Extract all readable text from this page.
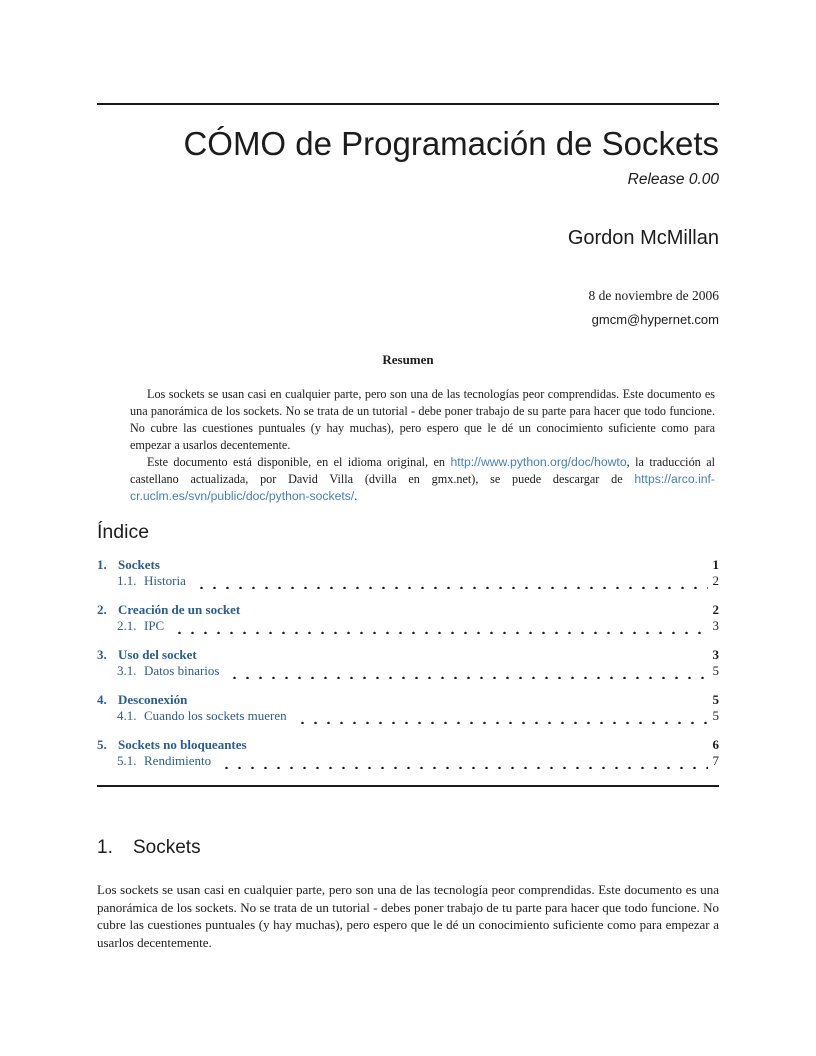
CÓMO de Programación de Sockets
Release 0.00
Gordon McMillan
8 de noviembre de 2006
gmcm@hypernet.com
Resumen

Los sockets se usan casi en cualquier parte, pero son una de las tecnologías peor comprendidas. Este documento es una panorámica de los sockets. No se trata de un tutorial - debe poner trabajo de su parte para hacer que todo funcione. No cubre las cuestiones puntuales (y hay muchas), pero espero que le dé un conocimiento suficiente como para empezar a usarlos decentemente.

Este documento está disponible, en el idioma original, en http://www.python.org/doc/howto, la traducción al castellano actualizada, por David Villa (dvilla en gmx.net), se puede descargar de https://arco.inf-cr.uclm.es/svn/public/doc/python-sockets/.

Índice
1. Sockets	1
1.1. Historia	2
2. Creación de un socket	2
2.1. IPC	3
3. Uso del socket	3
3.1. Datos binarios	5
4. Desconexión	5
4.1. Cuando los sockets mueren	5
5. Sockets no bloqueantes	6
5.1. Rendimiento	7
1. Sockets

Los sockets se usan casi en cualquier parte, pero son una de las tecnología peor comprendidas. Este documento es una panorámica de los sockets. No se trata de un tutorial - debes poner trabajo de tu parte para hacer que todo funcione. No cubre las cuestiones puntuales (y hay muchas), pero espero que le dé un conocimiento suficiente como para empezar a usarlos decentemente.
